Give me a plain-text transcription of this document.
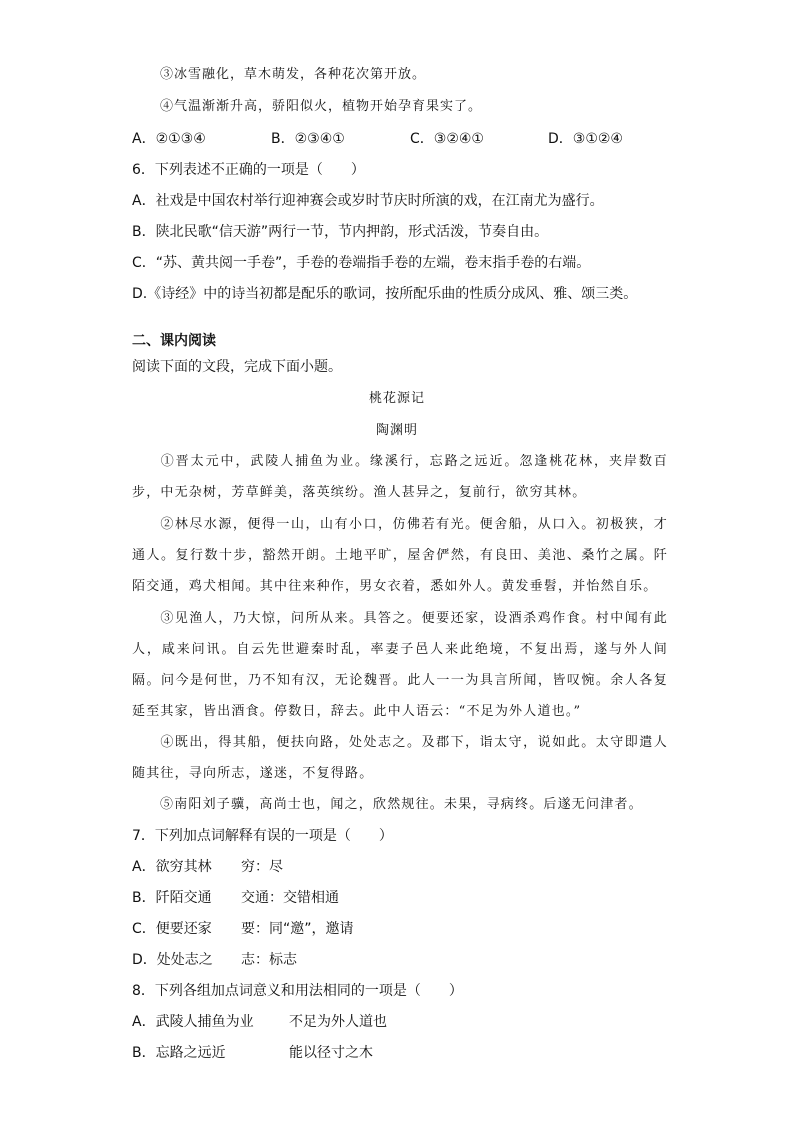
③冰雪融化，草木萌发，各种花次第开放。
④气温渐渐升高，骄阳似火，植物开始孕育果实了。
A．②①③④	B．②③④①	C．③②④①	D．③①②④
6．下列表述不正确的一项是（　　）
A．社戏是中国农村举行迎神赛会或岁时节庆时所演的戏，在江南尤为盛行。
B．陕北民歌“信天游”两行一节，节内押韵，形式活泼，节奏自由。
C．“苏、黄共阅一手卷”，手卷的卷端指手卷的左端，卷末指手卷的右端。
D.《诗经》中的诗当初都是配乐的歌词，按所配乐曲的性质分成风、雅、颂三类。
二、课内阅读
阅读下面的文段，完成下面小题。
桃花源记
陶渊明
①晋太元中，武陵人捕鱼为业。缘溪行，忘路之远近。忽逢桃花林，夹岸数百步，中无杂树，芳草鲜美，落英缤纷。渔人甚异之，复前行，欲穷其林。
②林尽水源，便得一山，山有小口，仿佛若有光。便舍船，从口入。初极狭，才通人。复行数十步，豁然开朗。土地平旷，屋舍俨然，有良田、美池、桑竹之属。阡陌交通，鸡犬相闻。其中往来种作，男女衣着，悉如外人。黄发垂髫，并怡然自乐。
③见渔人，乃大惊，问所从来。具答之。便要还家，设酒杀鸡作食。村中闻有此人，咸来问讯。自云先世避秦时乱，率妻子邑人来此绝境，不复出焉，遂与外人间隔。问今是何世，乃不知有汉，无论魏晋。此人一一为具言所闻，皆叹惋。余人各复延至其家，皆出酒食。停数日，辞去。此中人语云：“不足为外人道也。”
④既出，得其船，便扶向路，处处志之。及郡下，诣太守，说如此。太守即遣人随其往，寻向所志，遂迷，不复得路。
⑤南阳刘子骥，高尚士也，闻之，欣然规往。未果，寻病终。后遂无问津者。
7．下列加点词解释有误的一项是（　　）
A．欲穷其林 穷：尽
B．阡陌交通 交通：交错相通
C．便要还家 要：同“邀”，邀请
D．处处志之 志：标志
8．下列各组加点词意义和用法相同的一项是（　　）
A．武陵人捕鱼为业	不足为外人道也
B．忘路之远近	能以径寸之木
